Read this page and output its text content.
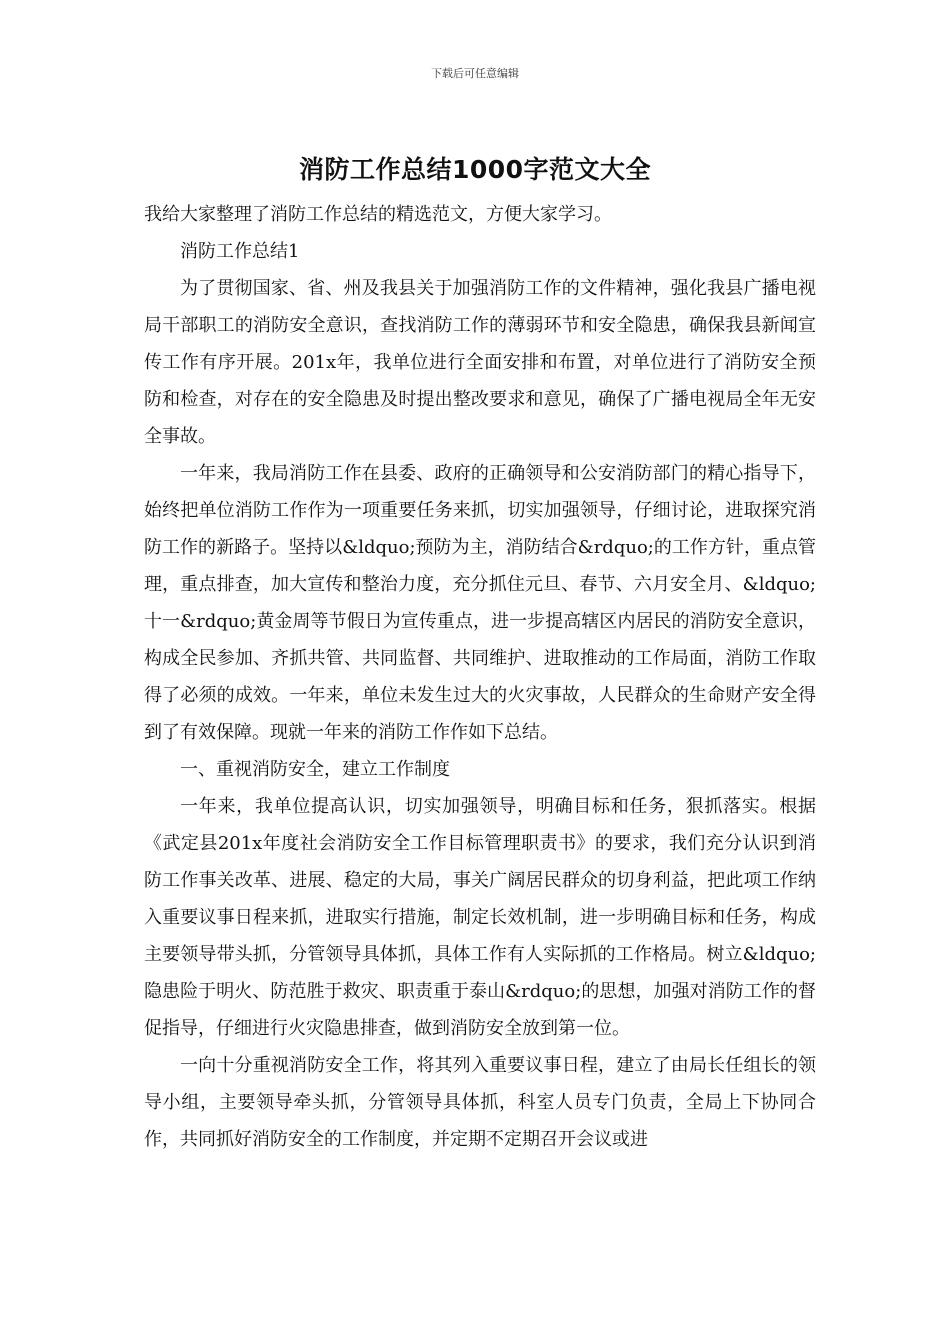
下载后可任意编辑
消防工作总结1000字范文大全

我给大家整理了消防工作总结的精选范文，方便大家学习。

消防工作总结1

为了贯彻国家、省、州及我县关于加强消防工作的文件精神，强化我县广播电视局干部职工的消防安全意识，查找消防工作的薄弱环节和安全隐患，确保我县新闻宣传工作有序开展。201x年，我单位进行全面安排和布置，对单位进行了消防安全预防和检查，对存在的安全隐患及时提出整改要求和意见，确保了广播电视局全年无安全事故。

一年来，我局消防工作在县委、政府的正确领导和公安消防部门的精心指导下，始终把单位消防工作作为一项重要任务来抓，切实加强领导，仔细讨论，进取探究消防工作的新路子。坚持以&ldquo;预防为主，消防结合&rdquo;的工作方针，重点管理，重点排查，加大宣传和整治力度，充分抓住元旦、春节、六月安全月、&ldquo;十一&rdquo;黄金周等节假日为宣传重点，进一步提高辖区内居民的消防安全意识，构成全民参加、齐抓共管、共同监督、共同维护、进取推动的工作局面，消防工作取得了必须的成效。一年来，单位未发生过大的火灾事故，人民群众的生命财产安全得到了有效保障。现就一年来的消防工作作如下总结。

一、重视消防安全，建立工作制度

一年来，我单位提高认识，切实加强领导，明确目标和任务，狠抓落实。根据《武定县201x年度社会消防安全工作目标管理职责书》的要求，我们充分认识到消防工作事关改革、进展、稳定的大局，事关广阔居民群众的切身利益，把此项工作纳入重要议事日程来抓，进取实行措施，制定长效机制，进一步明确目标和任务，构成主要领导带头抓，分管领导具体抓，具体工作有人实际抓的工作格局。树立&ldquo;隐患险于明火、防范胜于救灾、职责重于泰山&rdquo;的思想，加强对消防工作的督促指导，仔细进行火灾隐患排查，做到消防安全放到第一位。

一向十分重视消防安全工作，将其列入重要议事日程，建立了由局长任组长的领导小组，主要领导牵头抓，分管领导具体抓，科室人员专门负责，全局上下协同合作，共同抓好消防安全的工作制度，并定期不定期召开会议或进
